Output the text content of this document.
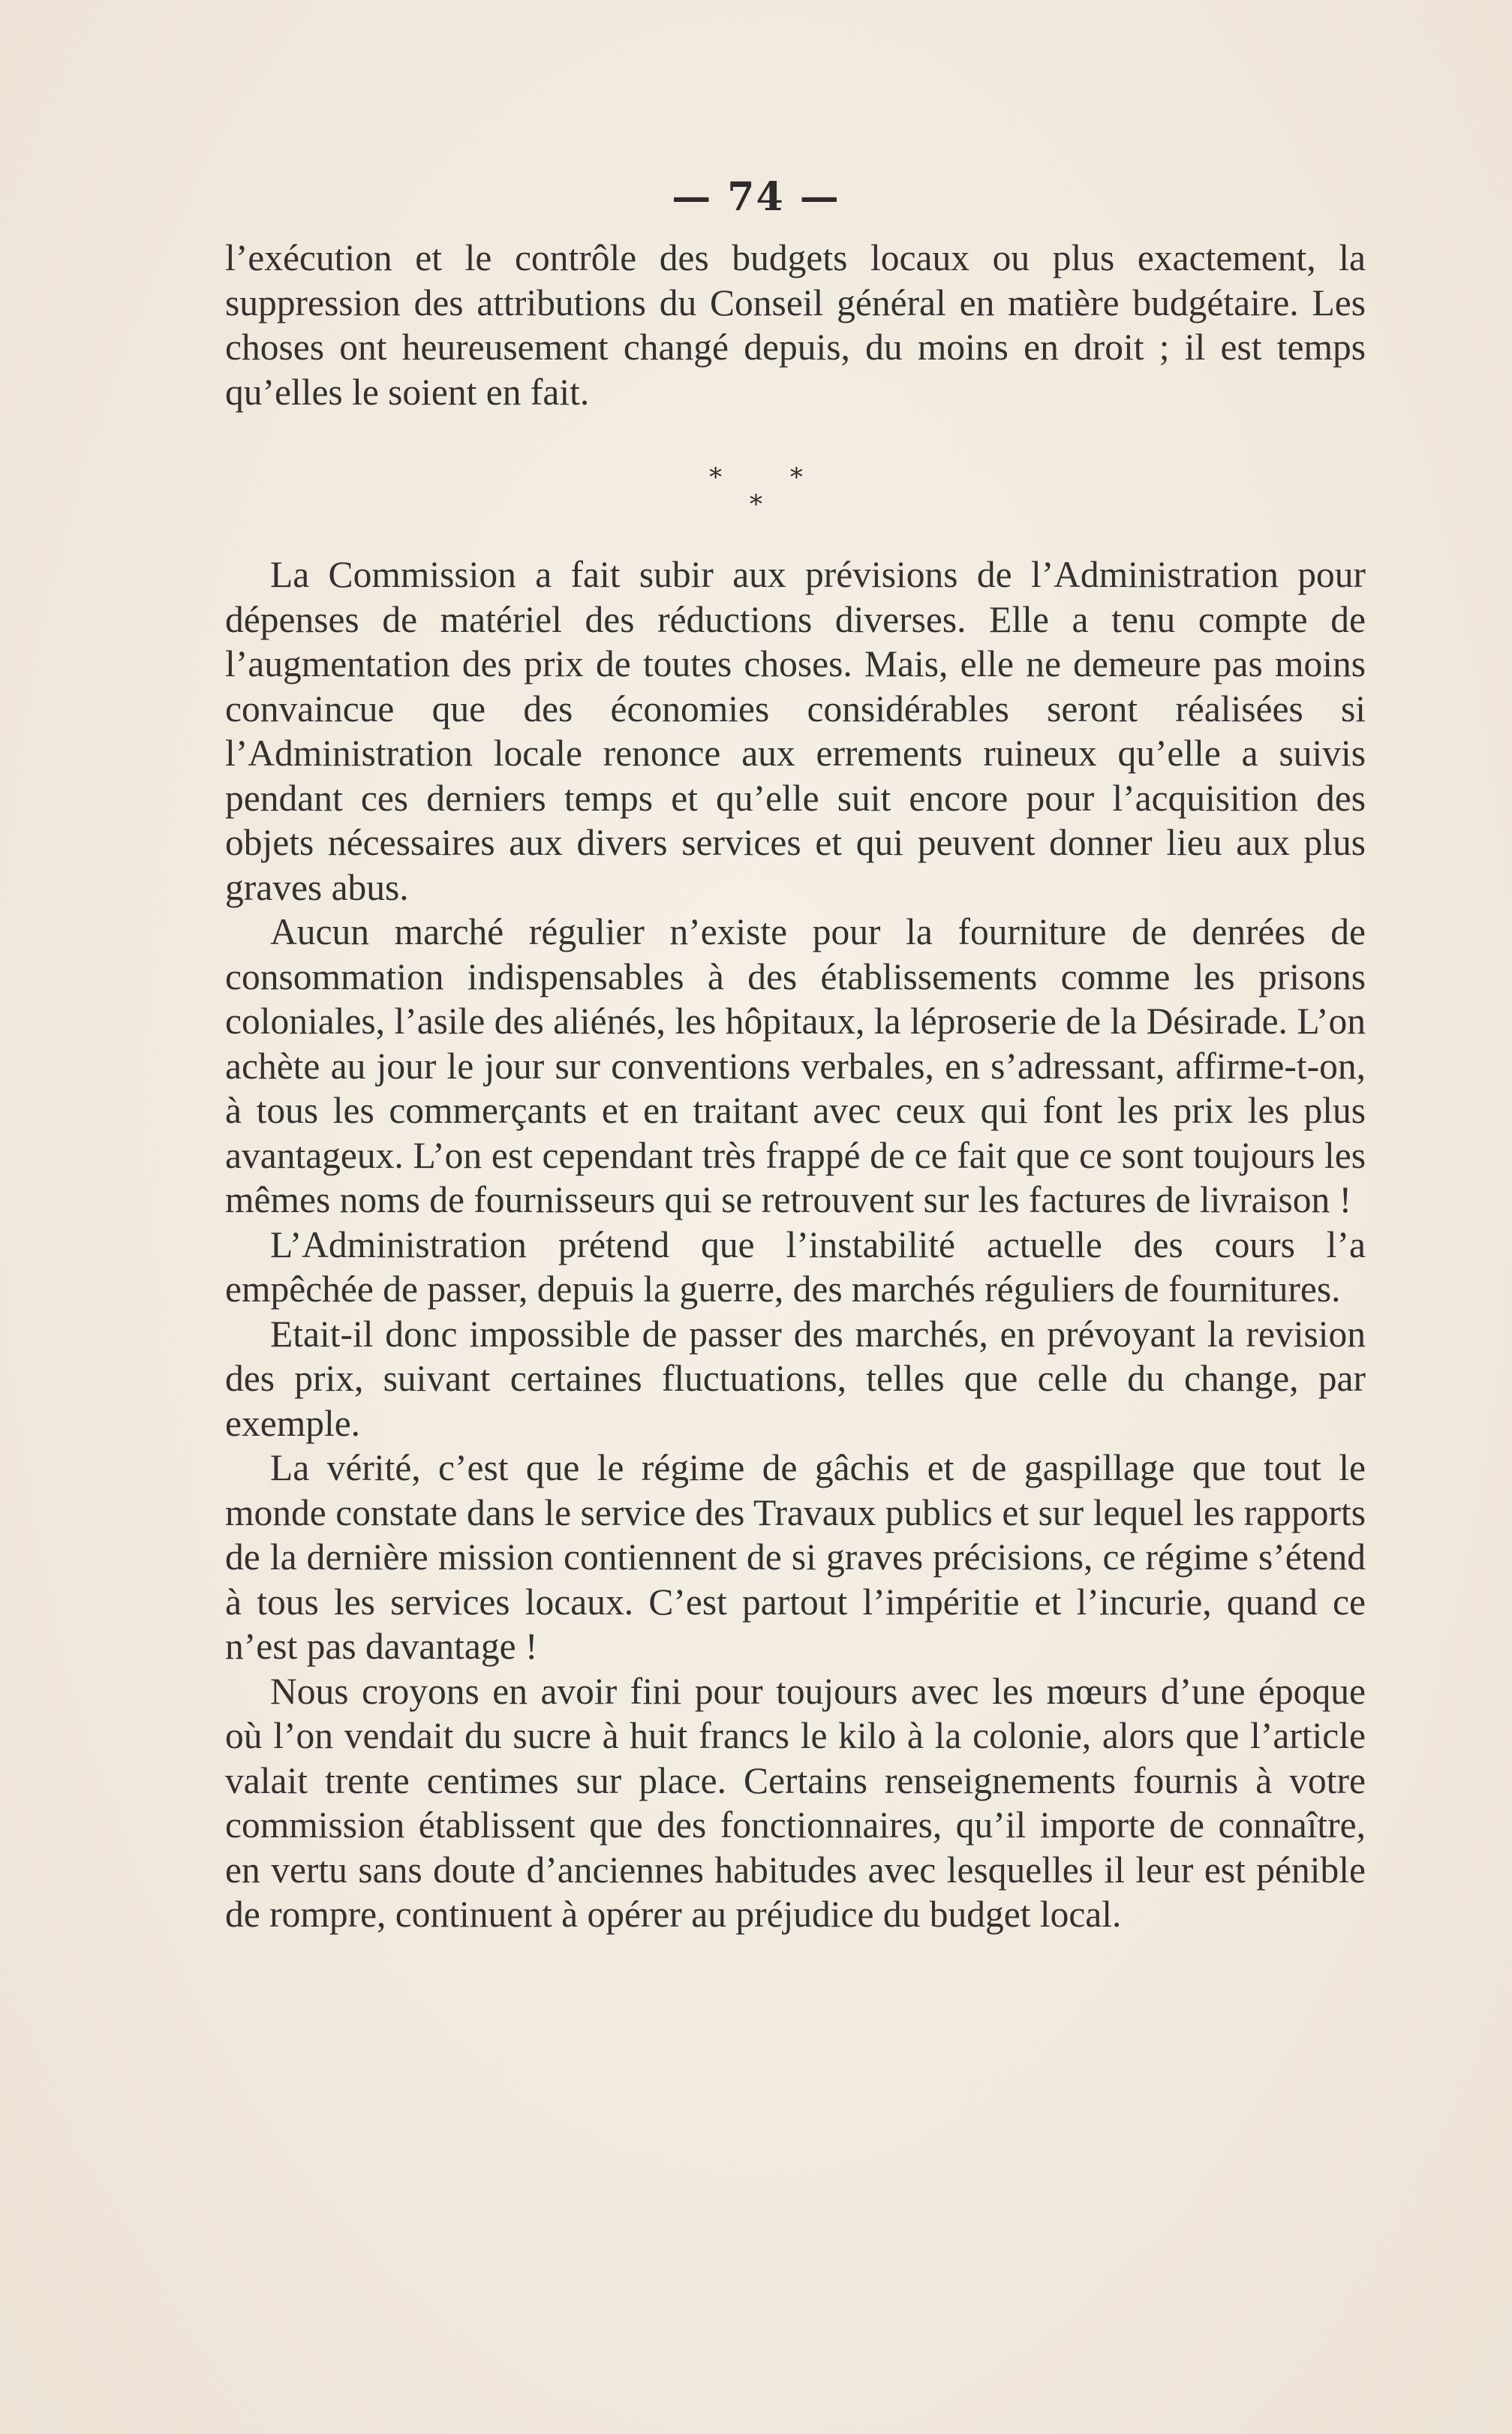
— 74 —

l’exécution et le contrôle des budgets locaux ou plus exactement, la suppression des attributions du Conseil général en matière budgétaire. Les choses ont heureusement changé depuis, du moins en droit ; il est temps qu’elles le soient en fait.

* *
*

La Commission a fait subir aux prévisions de l’Administration pour dépenses de matériel des réductions diverses. Elle a tenu compte de l’augmentation des prix de toutes choses. Mais, elle ne demeure pas moins convaincue que des économies considérables seront réalisées si l’Administration locale renonce aux errements ruineux qu’elle a suivis pendant ces derniers temps et qu’elle suit encore pour l’acquisition des objets nécessaires aux divers services et qui peuvent donner lieu aux plus graves abus.

Aucun marché régulier n’existe pour la fourniture de denrées de consommation indispensables à des établissements comme les prisons coloniales, l’asile des aliénés, les hôpitaux, la léproserie de la Désirade. L’on achète au jour le jour sur conventions verbales, en s’adressant, affirme-t-on, à tous les commerçants et en traitant avec ceux qui font les prix les plus avantageux. L’on est cependant très frappé de ce fait que ce sont toujours les mêmes noms de fournisseurs qui se retrouvent sur les factures de livraison !

L’Administration prétend que l’instabilité actuelle des cours l’a empêchée de passer, depuis la guerre, des marchés réguliers de fournitures.

Etait-il donc impossible de passer des marchés, en prévoyant la revision des prix, suivant certaines fluctuations, telles que celle du change, par exemple.

La vérité, c’est que le régime de gâchis et de gaspillage que tout le monde constate dans le service des Travaux publics et sur lequel les rapports de la dernière mission contiennent de si graves précisions, ce régime s’étend à tous les services locaux. C’est partout l’impéritie et l’incurie, quand ce n’est pas davantage !

Nous croyons en avoir fini pour toujours avec les mœurs d’une époque où l’on vendait du sucre à huit francs le kilo à la colonie, alors que l’article valait trente centimes sur place. Certains renseignements fournis à votre commission établissent que des fonctionnaires, qu’il importe de connaître, en vertu sans doute d’anciennes habitudes avec lesquelles il leur est pénible de rompre, continuent à opérer au préjudice du budget local.
